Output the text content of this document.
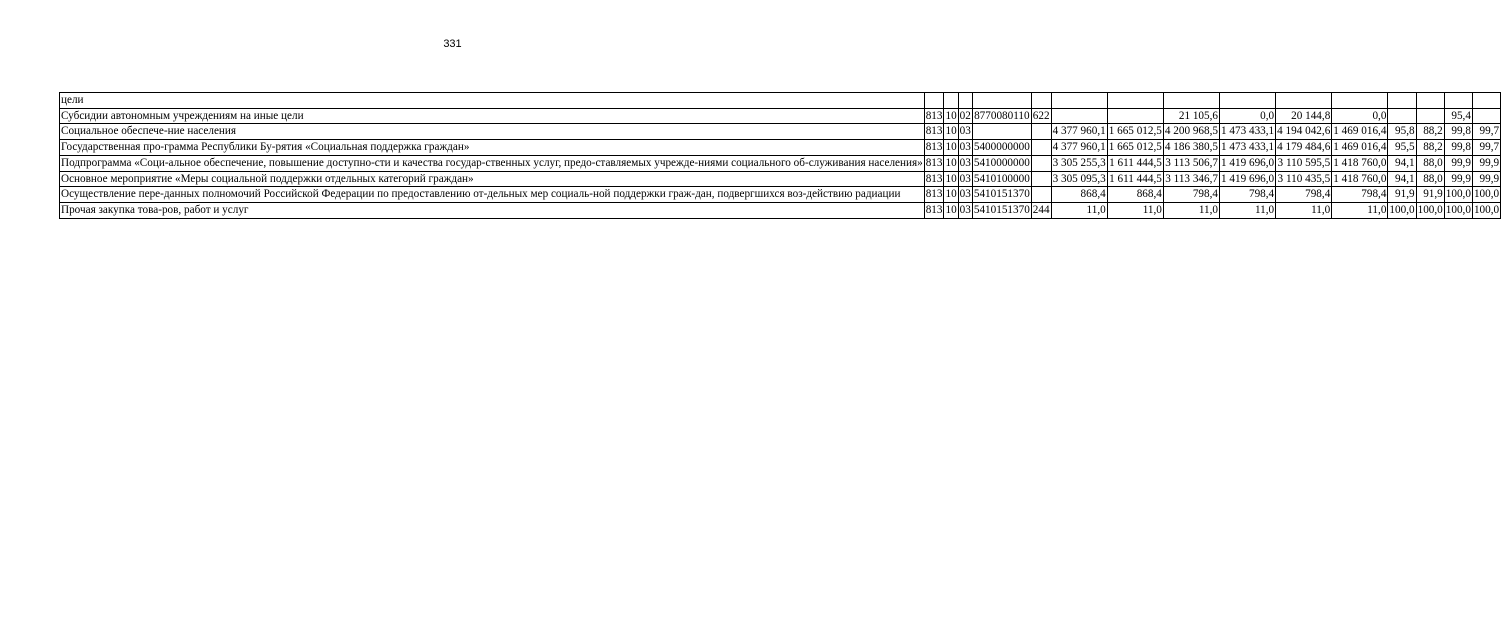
331
цели															
Субсидии автономным учреждениям на иные цели	813	10	02	8770080110	622			21 105,6	0,0	20 144,8	0,0			95,4	
Социальное обеспече-ние населения	813	10	03			4 377 960,1	1 665 012,5	4 200 968,5	1 473 433,1	4 194 042,6	1 469 016,4	95,8	88,2	99,8	99,7
Государственная про-грамма Республики Бу-рятия «Социальная поддержка граждан»	813	10	03	5400000000		4 377 960,1	1 665 012,5	4 186 380,5	1 473 433,1	4 179 484,6	1 469 016,4	95,5	88,2	99,8	99,7
Подпрограмма «Соци-альное обеспечение, повышение доступно-сти и качества государ-ственных услуг, предо-ставляемых учрежде-ниями социального об-служивания населения»	813	10	03	5410000000		3 305 255,3	1 611 444,5	3 113 506,7	1 419 696,0	3 110 595,5	1 418 760,0	94,1	88,0	99,9	99,9
Основное мероприятие «Меры социальной поддержки отдельных категорий граждан»	813	10	03	5410100000		3 305 095,3	1 611 444,5	3 113 346,7	1 419 696,0	3 110 435,5	1 418 760,0	94,1	88,0	99,9	99,9
Осуществление пере-данных полномочий Российской Федерации по предоставлению от-дельных мер социаль-ной поддержки граж-дан, подвергшихся воз-действию радиации	813	10	03	5410151370		868,4	868,4	798,4	798,4	798,4	798,4	91,9	91,9	100,0	100,0
Прочая закупка това-ров, работ и услуг	813	10	03	5410151370	244	11,0	11,0	11,0	11,0	11,0	11,0	100,0	100,0	100,0	100,0
